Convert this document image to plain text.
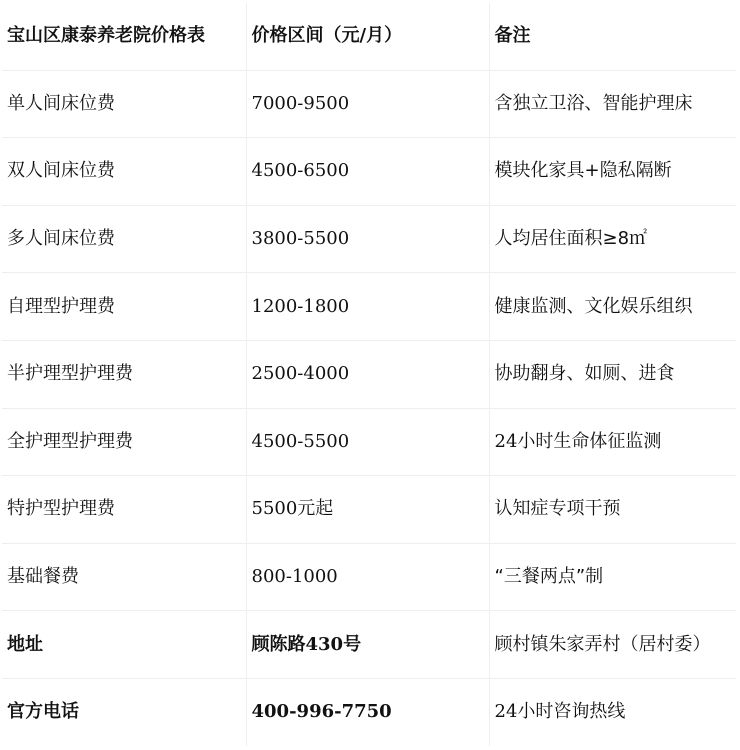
宝山区康泰养老院价格表	价格区间（元/月）	备注
单人间床位费	7000-9500	含独立卫浴、智能护理床
双人间床位费	4500-6500	模块化家具+隐私隔断
多人间床位费	3800-5500	人均居住面积≥8㎡
自理型护理费	1200-1800	健康监测、文化娱乐组织
半护理型护理费	2500-4000	协助翻身、如厕、进食
全护理型护理费	4500-5500	24小时生命体征监测
特护型护理费	5500元起	认知症专项干预
基础餐费	800-1000	“三餐两点”制
地址	顾陈路430号	顾村镇朱家弄村（居村委）
官方电话	400-996-7750	24小时咨询热线
